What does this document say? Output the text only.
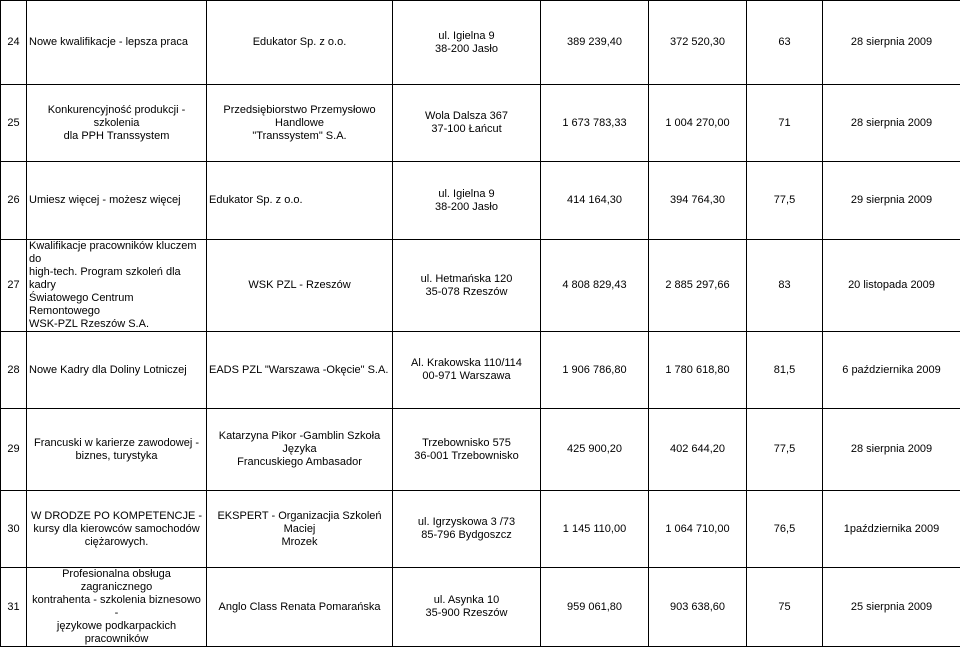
24	Nowe kwalifikacje - lepsza praca	Edukator Sp. z o.o.	ul. Igielna 9
38-200 Jasło	389 239,40	372 520,30	63	28 sierpnia 2009
25	Konkurencyjność produkcji - szkolenia
dla PPH Transsystem	Przedsiębiorstwo Przemysłowo Handlowe
"Transsystem" S.A.	Wola Dalsza 367
37-100 Łańcut	1 673 783,33	1 004 270,00	71	28 sierpnia 2009
26	Umiesz więcej - możesz więcej	Edukator Sp. z o.o.	ul. Igielna 9
38-200 Jasło	414 164,30	394 764,30	77,5	29 sierpnia 2009
27	Kwalifikacje pracowników kluczem do
high-tech. Program szkoleń dla kadry
Światowego Centrum Remontowego
WSK-PZL Rzeszów S.A.	WSK PZL - Rzeszów	ul. Hetmańska 120
35-078 Rzeszów	4 808 829,43	2 885 297,66	83	20 listopada 2009
28	Nowe Kadry dla Doliny Lotniczej	EADS PZL "Warszawa -Okęcie" S.A.	Al. Krakowska 110/114
00-971 Warszawa	1 906 786,80	1 780 618,80	81,5	6 października 2009
29	Francuski w karierze zawodowej -
biznes, turystyka	Katarzyna Pikor -Gamblin Szkoła Języka
Francuskiego Ambasador	Trzebownisko 575
36-001 Trzebownisko	425 900,20	402 644,20	77,5	28 sierpnia 2009
30	W DRODZE PO KOMPETENCJE -
kursy dla kierowców samochodów
ciężarowych.	EKSPERT - Organizacjia Szkoleń Maciej
Mrozek	ul. Igrzyskowa 3 /73
85-796 Bydgoszcz	1 145 110,00	1 064 710,00	76,5	1października 2009
31	Profesionalna obsługa zagranicznego
kontrahenta - szkolenia biznesowo -
językowe podkarpackich pracowników	Anglo Class Renata Pomarańska	ul. Asynka 10
35-900 Rzeszów	959 061,80	903 638,60	75	25 sierpnia 2009
